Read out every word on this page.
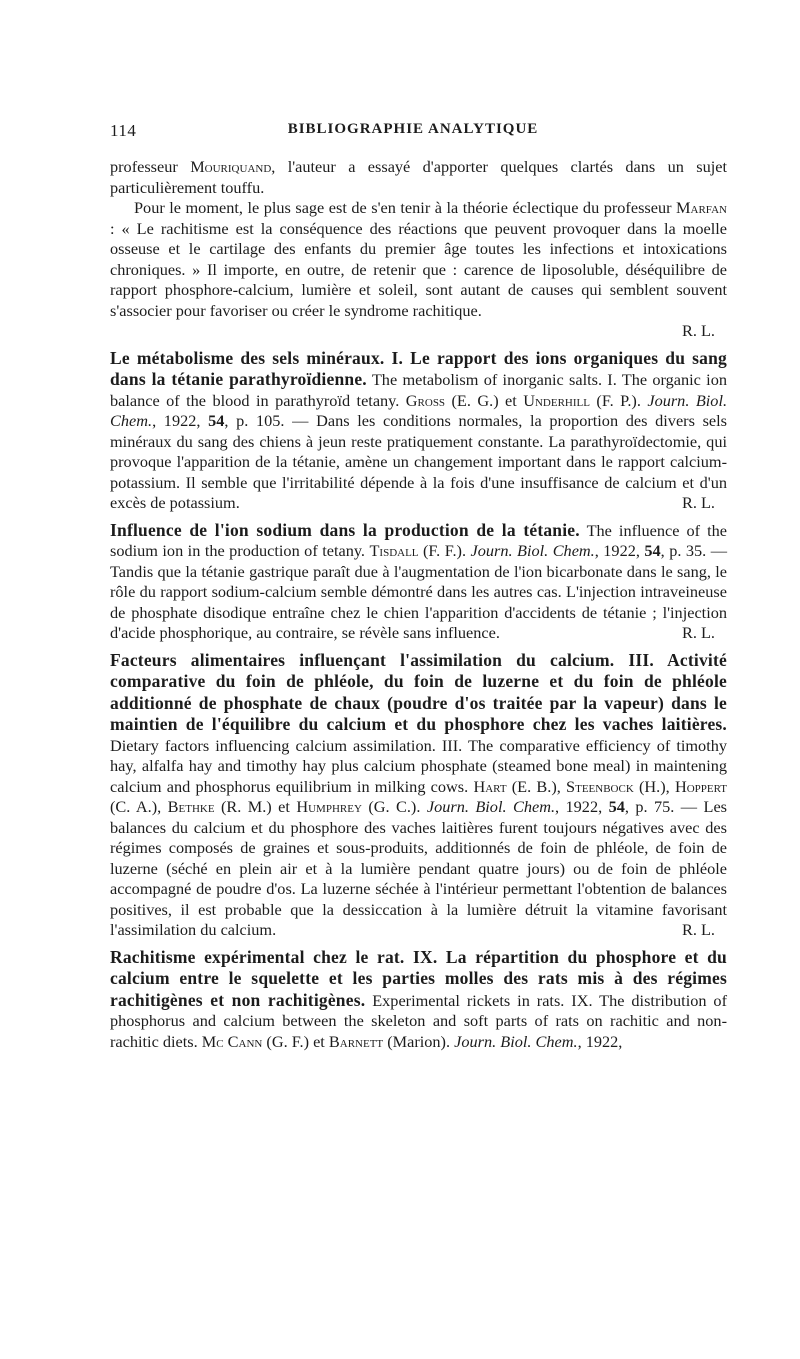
114	BIBLIOGRAPHIE ANALYTIQUE

professeur Mouriquand, l'auteur a essayé d'apporter quelques clartés dans un sujet particulièrement touffu.

Pour le moment, le plus sage est de s'en tenir à la théorie éclectique du professeur Marfan : « Le rachitisme est la conséquence des réactions que peuvent provoquer dans la moelle osseuse et le cartilage des enfants du premier âge toutes les infections et intoxications chroniques. » Il importe, en outre, de retenir que : carence de liposoluble, déséquilibre de rapport phosphore-calcium, lumière et soleil, sont autant de causes qui semblent souvent s'associer pour favoriser ou créer le syndrome rachitique.

R. L.

Le métabolisme des sels minéraux. I. Le rapport des ions organiques du sang dans la tétanie parathyroïdienne. The metabolism of inorganic salts. I. The organic ion balance of the blood in parathyroïd tetany. Gross (E. G.) et Underhill (F. P.). Journ. Biol. Chem., 1922, 54, p. 105. — Dans les conditions normales, la proportion des divers sels minéraux du sang des chiens à jeun reste pratiquement constante. La parathyroïdectomie, qui provoque l'apparition de la tétanie, amène un changement important dans le rapport calcium-potassium. Il semble que l'irritabilité dépende à la fois d'une insuffisance de calcium et d'un excès de potassium.	R. L.

Influence de l'ion sodium dans la production de la tétanie. The influence of the sodium ion in the production of tetany. Tisdall (F. F.). Journ. Biol. Chem., 1922, 54, p. 35. — Tandis que la tétanie gastrique paraît due à l'augmentation de l'ion bicarbonate dans le sang, le rôle du rapport sodium-calcium semble démontré dans les autres cas. L'injection intraveineuse de phosphate disodique entraîne chez le chien l'apparition d'accidents de tétanie ; l'injection d'acide phosphorique, au contraire, se révèle sans influence.	R. L.

Facteurs alimentaires influençant l'assimilation du calcium. III. Activité comparative du foin de phléole, du foin de luzerne et du foin de phléole additionné de phosphate de chaux (poudre d'os traitée par la vapeur) dans le maintien de l'équilibre du calcium et du phosphore chez les vaches laitières. Dietary factors influencing calcium assimilation. III. The comparative efficiency of timothy hay, alfalfa hay and timothy hay plus calcium phosphate (steamed bone meal) in maintening calcium and phosphorus equilibrium in milking cows. Hart (E. B.), Steenbock (H.), Hoppert (C. A.), Bethke (R. M.) et Humphrey (G. C.). Journ. Biol. Chem., 1922, 54, p. 75. — Les balances du calcium et du phosphore des vaches laitières furent toujours négatives avec des régimes composés de graines et sous-produits, additionnés de foin de phléole, de foin de luzerne (séché en plein air et à la lumière pendant quatre jours) ou de foin de phléole accompagné de poudre d'os. La luzerne séchée à l'intérieur permettant l'obtention de balances positives, il est probable que la dessiccation à la lumière détruit la vitamine favorisant l'assimilation du calcium.	R. L.

Rachitisme expérimental chez le rat. IX. La répartition du phosphore et du calcium entre le squelette et les parties molles des rats mis à des régimes rachitigènes et non rachitigènes. Experimental rickets in rats. IX. The distribution of phosphorus and calcium between the skeleton and soft parts of rats on rachitic and non-rachitic diets. Mc Cann (G. F.) et Barnett (Marion). Journ. Biol. Chem., 1922,
